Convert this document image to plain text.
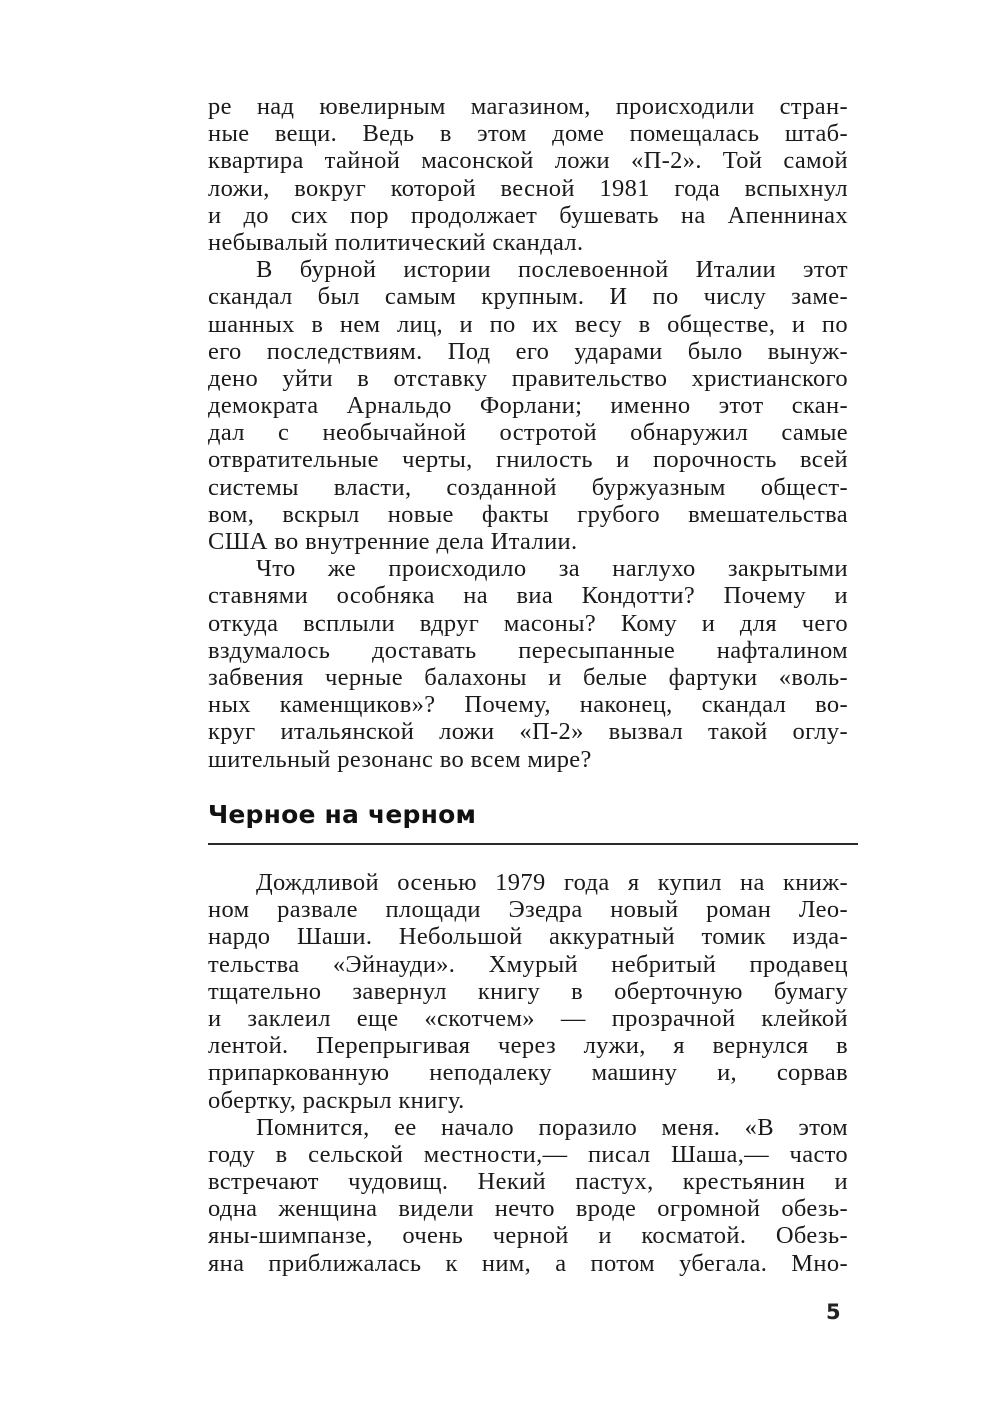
ре над ювелирным магазином, происходили стран-
ные вещи. Ведь в этом доме помещалась штаб-
квартира тайной масонской ложи «П-2». Той самой
ложи, вокруг которой весной 1981 года вспыхнул
и до сих пор продолжает бушевать на Апеннинах
небывалый политический скандал.
В бурной истории послевоенной Италии этот
скандал был самым крупным. И по числу заме-
шанных в нем лиц, и по их весу в обществе, и по
его последствиям. Под его ударами было вынуж-
дено уйти в отставку правительство христианского
демократа Арнальдо Форлани; именно этот скан-
дал с необычайной остротой обнаружил самые
отвратительные черты, гнилость и порочность всей
системы власти, созданной буржуазным общест-
вом, вскрыл новые факты грубого вмешательства
США во внутренние дела Италии.
Что же происходило за наглухо закрытыми
ставнями особняка на виа Кондотти? Почему и
откуда всплыли вдруг масоны? Кому и для чего
вздумалось доставать пересыпанные нафталином
забвения черные балахоны и белые фартуки «воль-
ных каменщиков»? Почему, наконец, скандал во-
круг итальянской ложи «П-2» вызвал такой оглу-
шительный резонанс во всем мире?
Черное на черном
Дождливой осенью 1979 года я купил на книж-
ном развале площади Эзедра новый роман Лео-
нардо Шаши. Небольшой аккуратный томик изда-
тельства «Эйнауди». Хмурый небритый продавец
тщательно завернул книгу в оберточную бумагу
и заклеил еще «скотчем» — прозрачной клейкой
лентой. Перепрыгивая через лужи, я вернулся в
припаркованную неподалеку машину и, сорвав
обертку, раскрыл книгу.
Помнится, ее начало поразило меня. «В этом
году в сельской местности,— писал Шаша,— часто
встречают чудовищ. Некий пастух, крестьянин и
одна женщина видели нечто вроде огромной обезь-
яны-шимпанзе, очень черной и косматой. Обезь-
яна приближалась к ним, а потом убегала. Мно-
5
